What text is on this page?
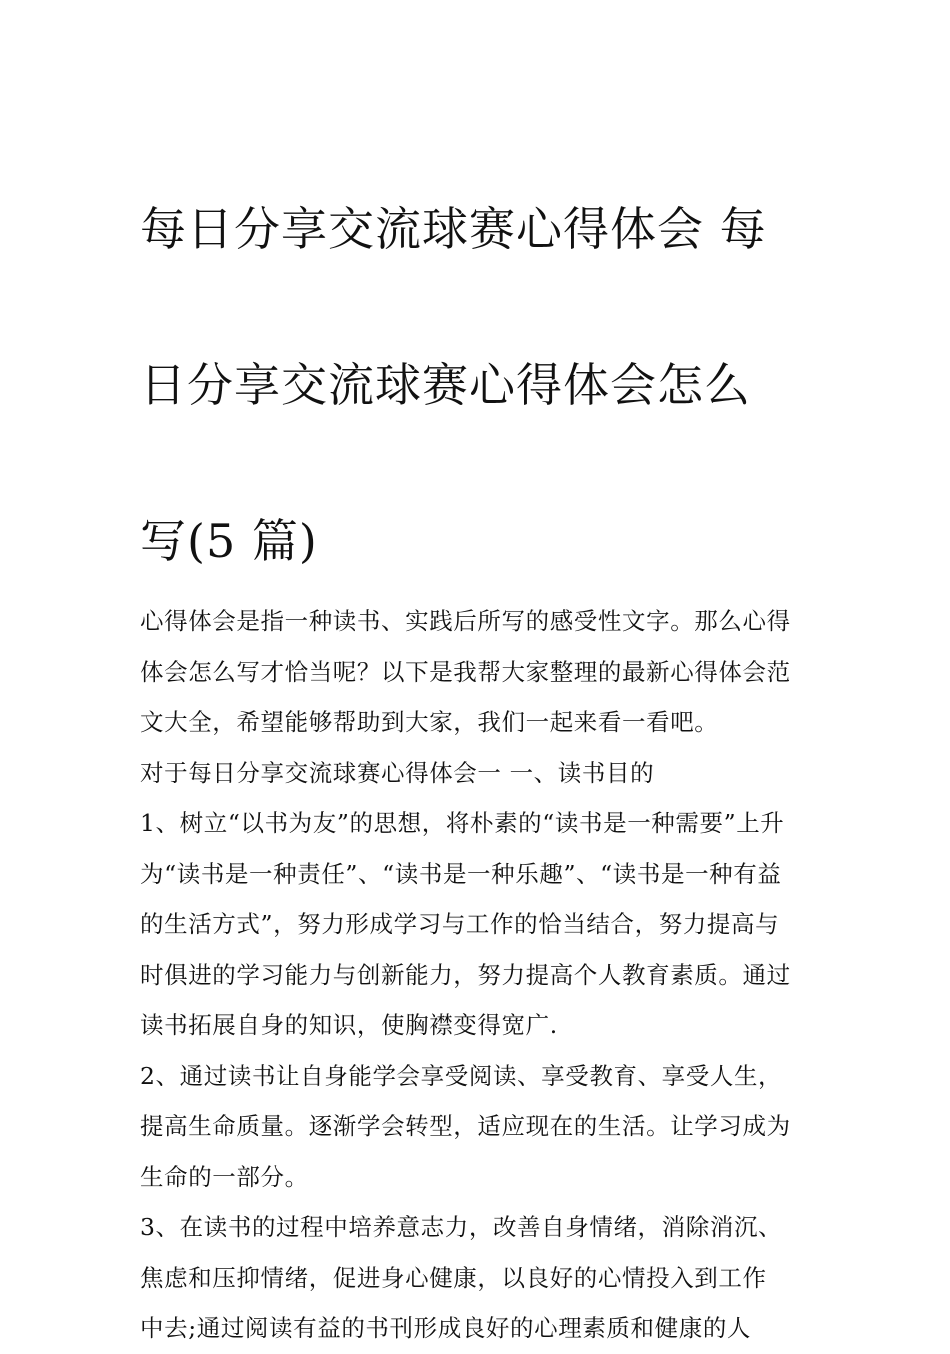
每日分享交流球赛心得体会 每

日分享交流球赛心得体会怎么

写(5 篇)

心得体会是指一种读书、实践后所写的感受性文字。那么心得
体会怎么写才恰当呢？以下是我帮大家整理的最新心得体会范
文大全，希望能够帮助到大家，我们一起来看一看吧。

对于每日分享交流球赛心得体会一 一、读书目的

1、树立“以书为友”的思想，将朴素的“读书是一种需要”上升
为“读书是一种责任”、“读书是一种乐趣”、“读书是一种有益
的生活方式”，努力形成学习与工作的恰当结合，努力提高与
时俱进的学习能力与创新能力，努力提高个人教育素质。通过
读书拓展自身的知识，使胸襟变得宽广.

2、通过读书让自身能学会享受阅读、享受教育、享受人生，
提高生命质量。逐渐学会转型，适应现在的生活。让学习成为
生命的一部分。

3、在读书的过程中培养意志力，改善自身情绪，消除消沉、
焦虑和压抑情绪，促进身心健康，以良好的心情投入到工作
中去;通过阅读有益的书刊形成良好的心理素质和健康的人
